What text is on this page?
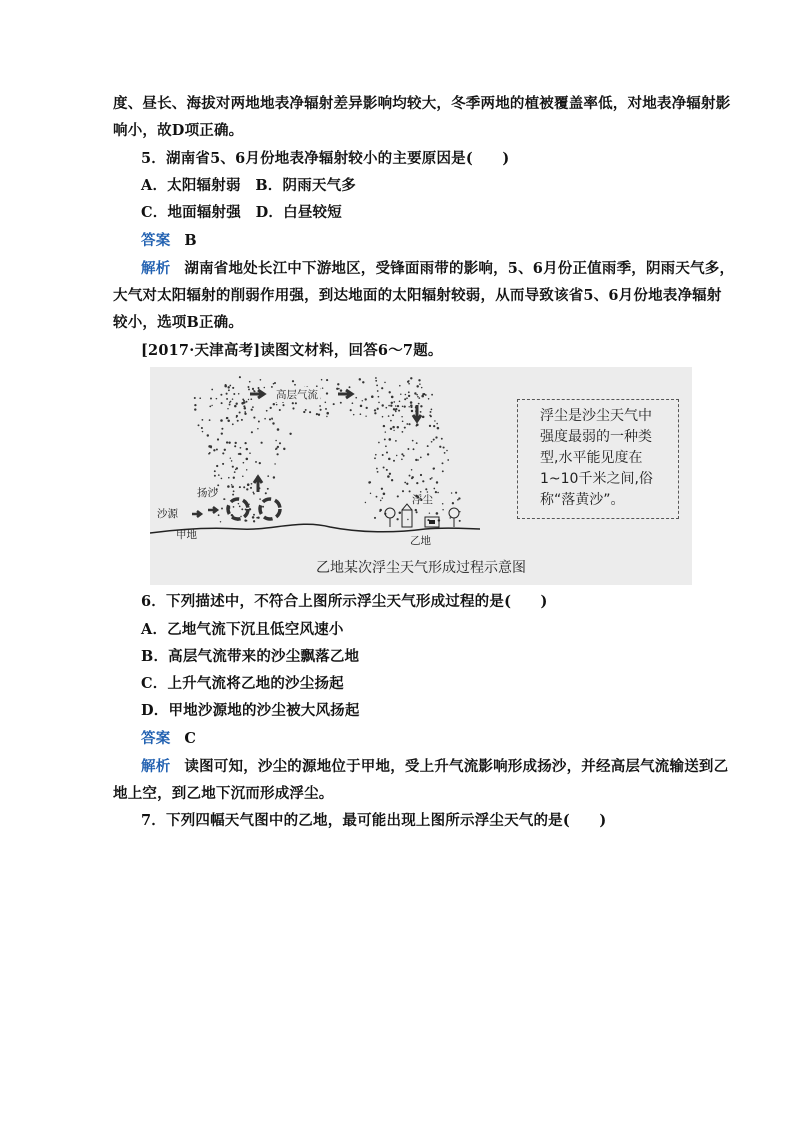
度、昼长、海拔对两地地表净辐射差异影响均较大，冬季两地的植被覆盖率低，对地表净辐射影
响小，故D项正确。
5．湖南省5、6月份地表净辐射较小的主要原因是(　　)
A．太阳辐射弱　B．阴雨天气多
C．地面辐射强　D．白昼较短
答案 B
解析 湖南省地处长江中下游地区，受锋面雨带的影响，5、6月份正值雨季，阴雨天气多，
大气对太阳辐射的削弱作用强，到达地面的太阳辐射较弱，从而导致该省5、6月份地表净辐射
较小，选项B正确。
[2017·天津高考]读图文材料，回答6～7题。
高层气流
扬沙
沙源
甲地
浮尘
乙地
浮尘是沙尘天气中
强度最弱的一种类
型,水平能见度在
1~10千米之间,俗
称“落黄沙”。
乙地某次浮尘天气形成过程示意图
6．下列描述中，不符合上图所示浮尘天气形成过程的是(　　)
A．乙地气流下沉且低空风速小
B．高层气流带来的沙尘飘落乙地
C．上升气流将乙地的沙尘扬起
D．甲地沙源地的沙尘被大风扬起
答案 C
解析 读图可知，沙尘的源地位于甲地，受上升气流影响形成扬沙，并经高层气流输送到乙
地上空，到乙地下沉而形成浮尘。
7．下列四幅天气图中的乙地，最可能出现上图所示浮尘天气的是(　　)
